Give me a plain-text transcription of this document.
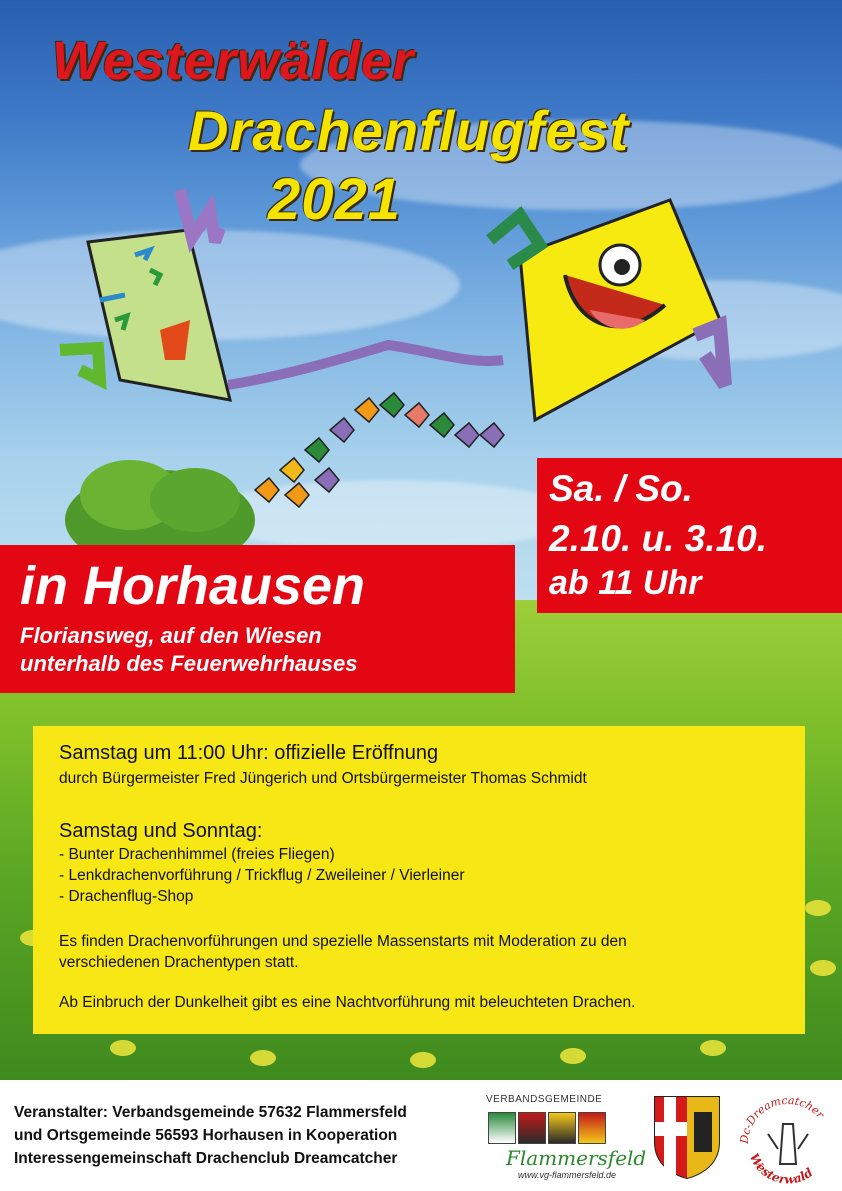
Westerwälder
Drachenflugfest
2021
Sa. / So.
2.10. u. 3.10.
ab 11 Uhr
in Horhausen
Floriansweg, auf den Wiesen
unterhalb des Feuerwehrhauses
Samstag um 11:00 Uhr: offizielle Eröffnung
durch Bürgermeister Fred Jüngerich und Ortsbürgermeister Thomas Schmidt
Samstag und Sonntag:
- Bunter Drachenhimmel (freies Fliegen)
- Lenkdrachenvorführung / Trickflug / Zweileiner / Vierleiner
- Drachenflug-Shop
Es finden Drachenvorführungen und spezielle Massenstarts mit Moderation zu den
verschiedenen Drachentypen statt.
Ab Einbruch der Dunkelheit gibt es eine Nachtvorführung mit beleuchteten Drachen.
Veranstalter: Verbandsgemeinde 57632 Flammersfeld
und Ortsgemeinde 56593 Horhausen in Kooperation
Interessengemeinschaft Drachenclub Dreamcatcher
VERBANDSGEMEINDE
Flammersfeld
www.vg-flammersfeld.de
Dc-Dreamcatcher
Westerwald
